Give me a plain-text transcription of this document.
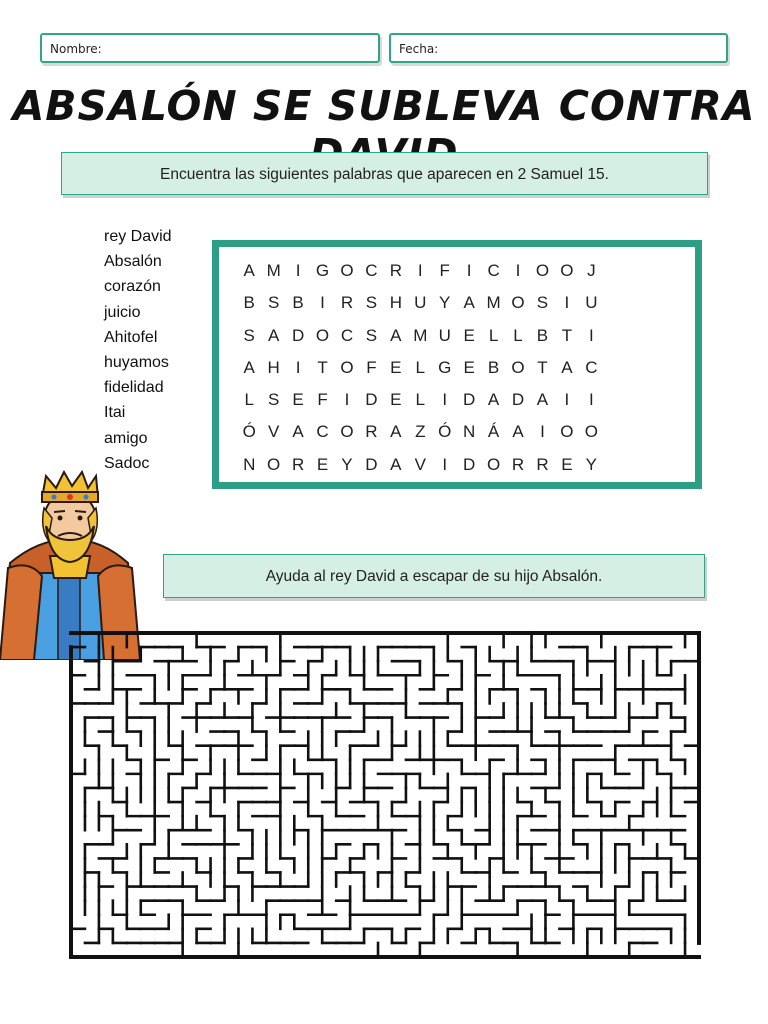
Nombre:	Fecha:
ABSALÓN SE SUBLEVA CONTRA
Encuentra las siguientes palabras que aparecen en 2 Samuel 15.
rey David
Absalón
corazón
juicio
Ahitofel
huyamos
fidelidad
Itai
amigo
Sadoc
A M I G O C R I F I C I O O J
B S B I R S H U Y A M O S I U
S A D O C S A M U E L L B T I
A H I T O F E L G E B O T A C
L S E F I D E L	I D A D A I	I
Ó V A C O R A Z Ó N Á A I O O
N O R E Y D A V I D O R R E Y
Ayuda al rey David a escapar de su hijo Absalón.
